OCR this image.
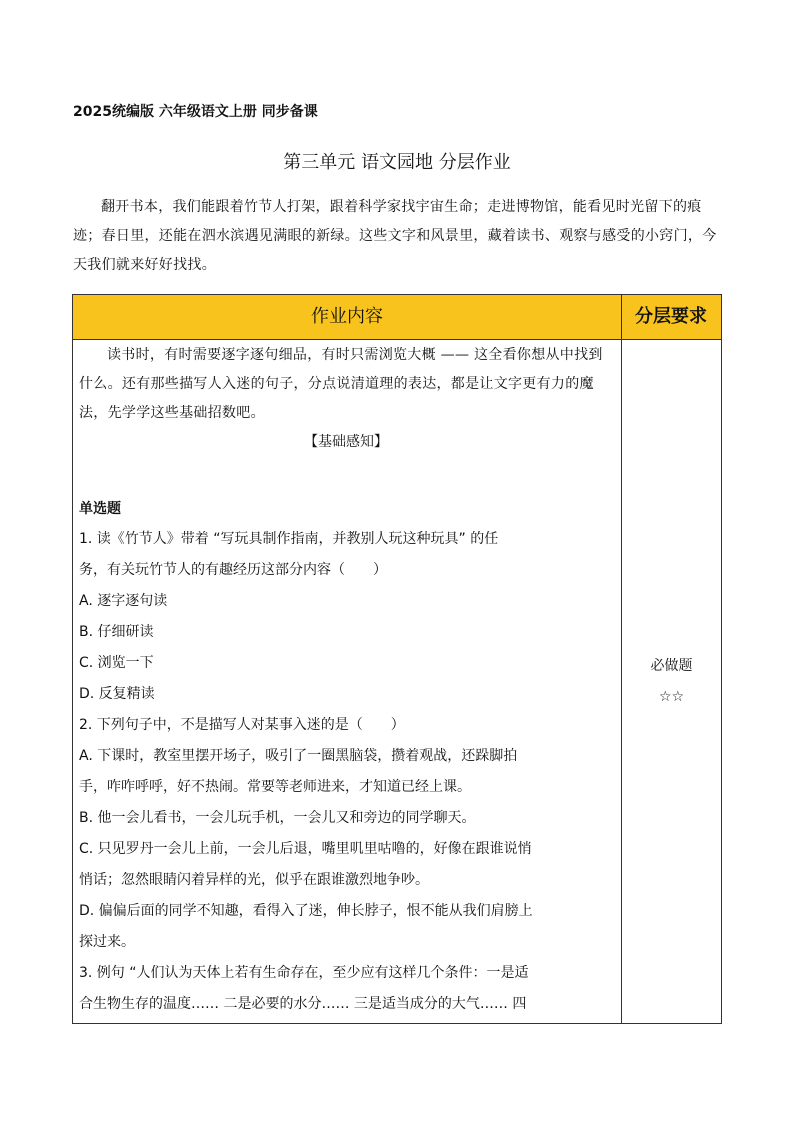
2025统编版 六年级语文上册 同步备课
第三单元 语文园地 分层作业

翻开书本，我们能跟着竹节人打架，跟着科学家找宇宙生命；走进博物馆，能看见时光留下的痕迹；春日里，还能在泗水滨遇见满眼的新绿。这些文字和风景里，藏着读书、观察与感受的小窍门，今天我们就来好好找找。

作业内容	分层要求

读书时，有时需要逐字逐句细品，有时只需浏览大概 —— 这全看你想从中找到什么。还有那些描写人入迷的句子，分点说清道理的表达，都是让文字更有力的魔法，先学学这些基础招数吧。

【基础感知】

单选题

1. 读《竹节人》带着 “写玩具制作指南，并教别人玩这种玩具” 的任

务，有关玩竹节人的有趣经历这部分内容（　　）

A. 逐字逐句读

B. 仔细研读

C. 浏览一下

D. 反复精读

2. 下列句子中，不是描写人对某事入迷的是（　　）

A. 下课时，教室里摆开场子，吸引了一圈黑脑袋，攒着观战，还跺脚拍

手，咋咋呼呼，好不热闹。常要等老师进来，才知道已经上课。

B. 他一会儿看书，一会儿玩手机，一会儿又和旁边的同学聊天。

C. 只见罗丹一会儿上前，一会儿后退，嘴里叽里咕噜的，好像在跟谁说悄

悄话；忽然眼睛闪着异样的光，似乎在跟谁激烈地争吵。

D. 偏偏后面的同学不知趣，看得入了迷，伸长脖子，恨不能从我们肩膀上

探过来。

3. 例句 “人们认为天体上若有生命存在，至少应有这样几个条件：一是适

合生物生存的温度…… 二是必要的水分…… 三是适当成分的大气…… 四

必做题
☆☆
